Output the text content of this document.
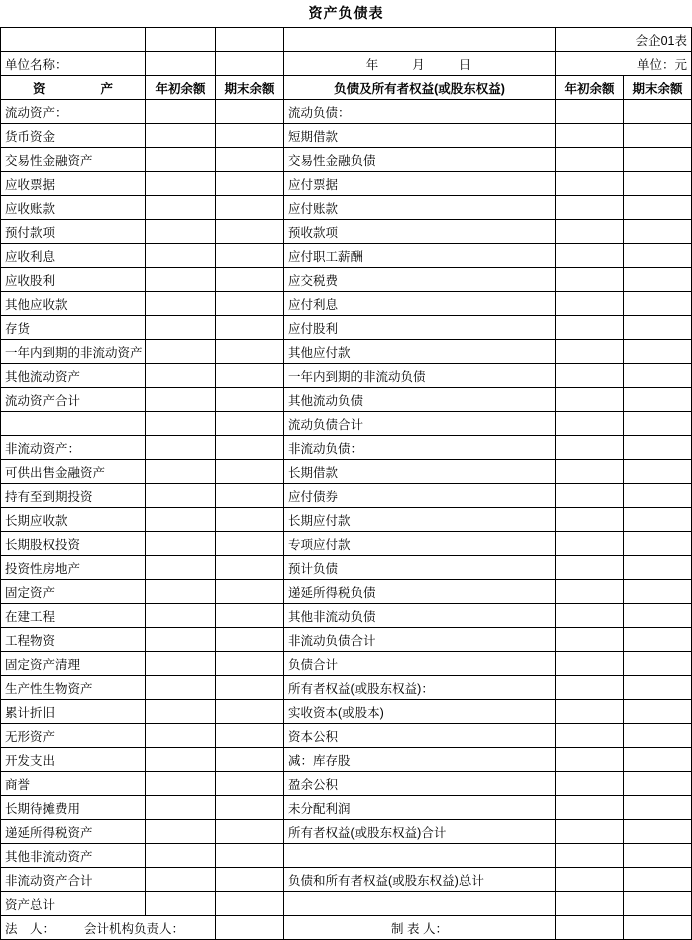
资产负债表
				会企01表	
单位名称：			年 月 日	单位：元	
资　　产	年初余额	期末余额	负债及所有者权益(或股东权益)	年初余额	期末余额
流动资产：			流动负债：		
货币资金			短期借款		
交易性金融资产			交易性金融负债		
应收票据			应付票据		
应收账款			应付账款		
预付款项			预收款项		
应收利息			应付职工薪酬		
应收股利			应交税费		
其他应收款			应付利息		
存货			应付股利		
一年内到期的非流动资产			其他应付款		
其他流动资产			一年内到期的非流动负债		
流动资产合计			其他流动负债		
			流动负债合计		
非流动资产：			非流动负债：		
可供出售金融资产			长期借款		
持有至到期投资			应付债券		
长期应收款			长期应付款		
长期股权投资			专项应付款		
投资性房地产			预计负债		
固定资产			递延所得税负债		
在建工程			其他非流动负债		
工程物资			非流动负债合计		
固定资产清理			负债合计		
生产性生物资产			所有者权益(或股东权益)：		
累计折旧			实收资本(或股本)		
无形资产			资本公积		
开发支出			减：库存股		
商誉			盈余公积		
长期待摊费用			未分配利润		
递延所得税资产			所有者权益(或股东权益)合计		
其他非流动资产					
非流动资产合计			负债和所有者权益(或股东权益)总计		
资产总计					
法　人： 会计机构负责人：			制 表 人：		
